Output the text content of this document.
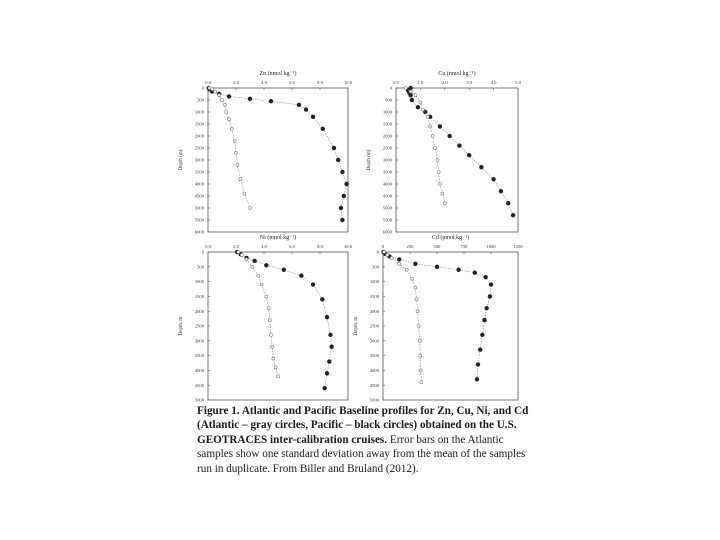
Zn (nmol kg⁻¹)
0.0	2.0	4.0	6.0	8.0	10.0
0
500
1000
1500
2000
2500
3000
3500
4000
4500
5000
5500
6000
Depth (m)
Cu (nmol kg⁻¹)
0.0	1.0	2.0	3.0	4.0	5.0
0
500
1000
1500
2000
2500
3000
3500
4000
4500
5000
5500
6000
Depth (m)
Ni (nmol kg⁻¹)
0.0	2.0	4.0	6.0	8.0	10.0
0
500
1000
1500
2000
2500
3000
3500
4000
4500
5000
Depth, m
Cd (pmol kg⁻¹)
0	250	500	750	1000	1250
0
500
1000
1500
2000
2500
3000
3500
4000
4500
5000
Depth, m
Figure 1. Atlantic and Pacific Baseline profiles for Zn, Cu, Ni, and Cd (Atlantic – gray circles, Pacific – black circles) obtained on the U.S. GEOTRACES inter-calibration cruises. Error bars on the Atlantic samples show one standard deviation away from the mean of the samples run in duplicate. From Biller and Bruland (2012).
